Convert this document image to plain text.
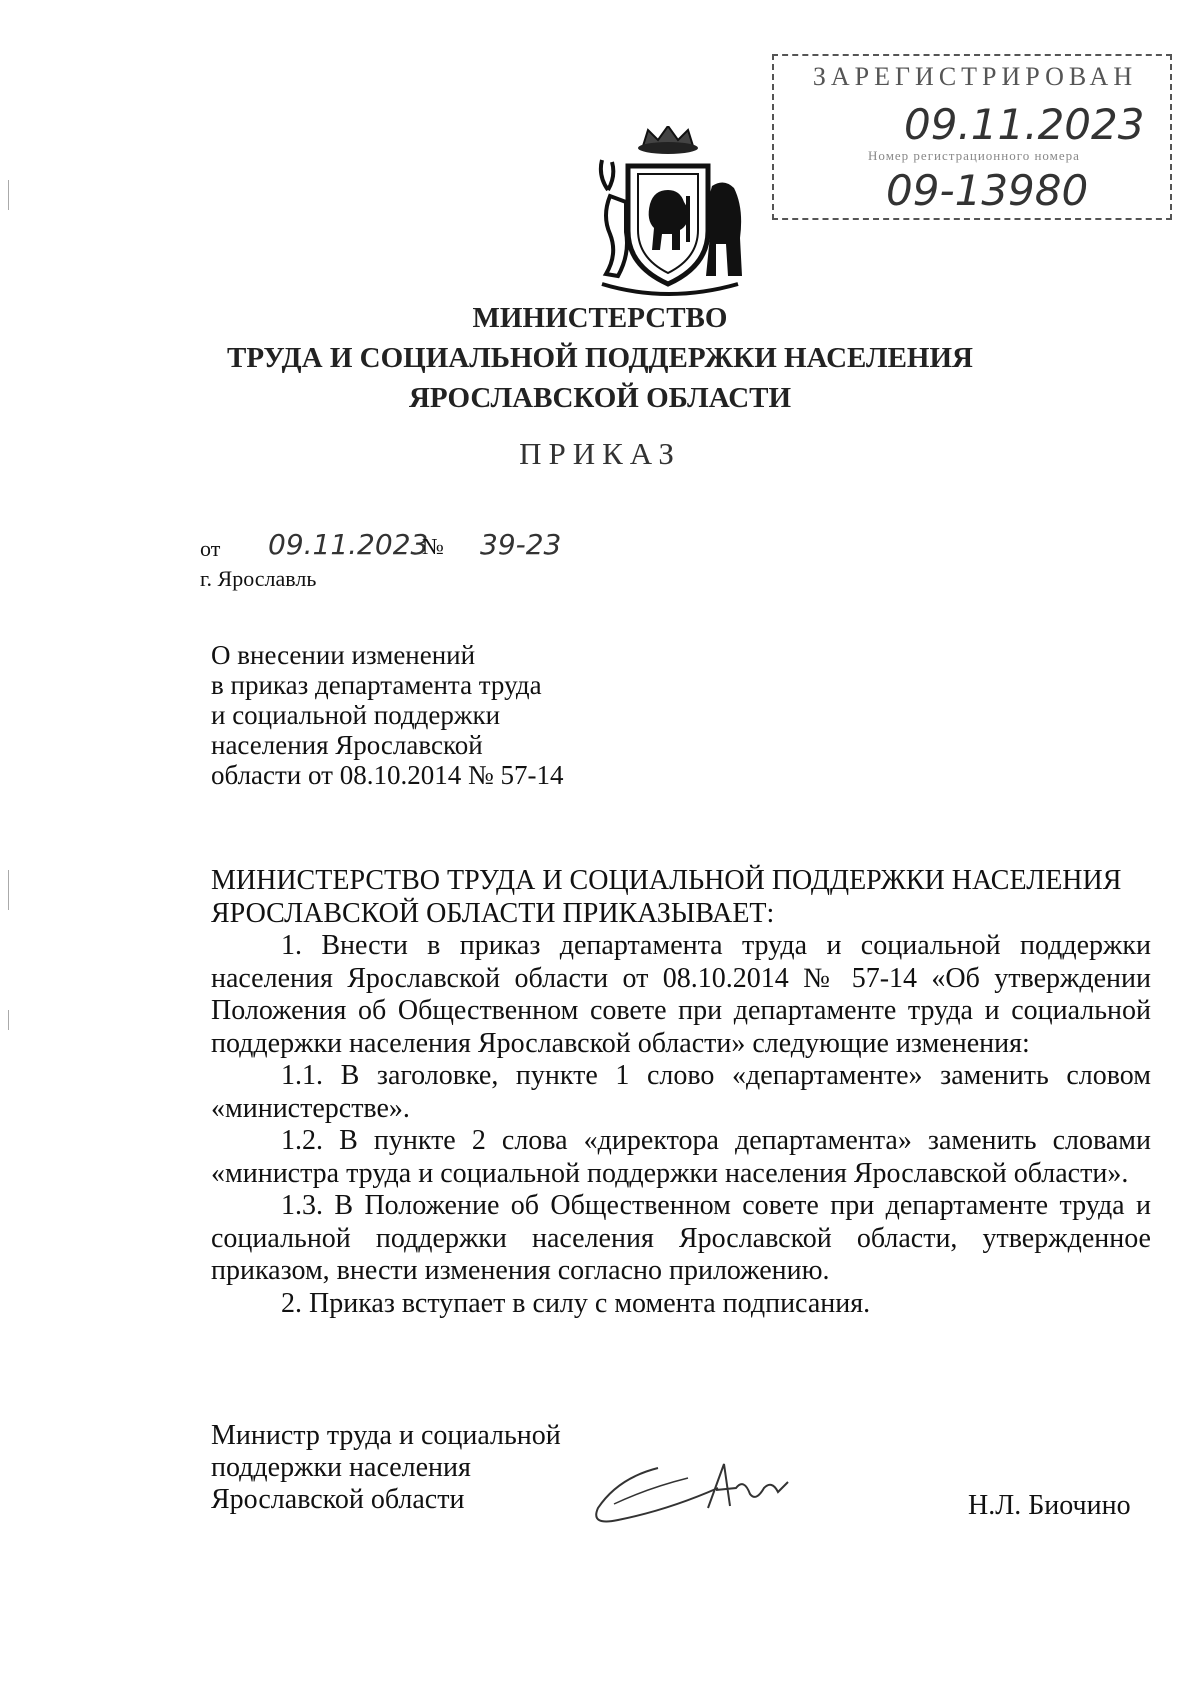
ЗАРЕГИСТРИРОВАН
09.11.2023
Номер регистрационного номера
09-13980
МИНИСТЕРСТВО
ТРУДА И СОЦИАЛЬНОЙ ПОДДЕРЖКИ НАСЕЛЕНИЯ
ЯРОСЛАВСКОЙ ОБЛАСТИ
ПРИКАЗ
от 09.11.2023
№ 39-23
г. Ярославль
О внесении изменений
в приказ департамента труда
и социальной поддержки
населения Ярославской
области от 08.10.2014 № 57-14

МИНИСТЕРСТВО ТРУДА И СОЦИАЛЬНОЙ ПОДДЕРЖКИ НАСЕЛЕНИЯ ЯРОСЛАВСКОЙ ОБЛАСТИ ПРИКАЗЫВАЕТ:

1. Внести в приказ департамента труда и социальной поддержки населения Ярославской области от 08.10.2014 № 57-14 «Об утверждении Положения об Общественном совете при департаменте труда и социальной поддержки населения Ярославской области» следующие изменения:

1.1. В заголовке, пункте 1 слово «департаменте» заменить словом «министерстве».

1.2. В пункте 2 слова «директора департамента» заменить словами «министра труда и социальной поддержки населения Ярославской области».

1.3. В Положение об Общественном совете при департаменте труда и социальной поддержки населения Ярославской области, утвержденное приказом, внести изменения согласно приложению.

2. Приказ вступает в силу с момента подписания.

Министр труда и социальной
поддержки населения
Ярославской области	Н.Л. Биочино
